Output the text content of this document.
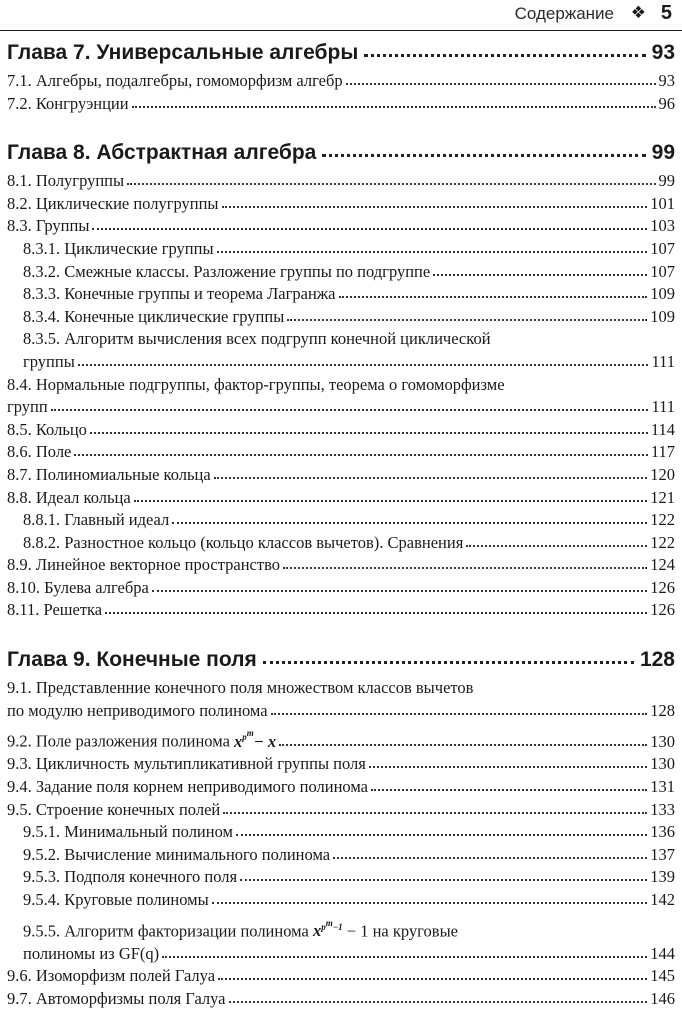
Содержание ❖ 5
Глава 7. Универсальные алгебры	93
7.1. Алгебры, подалгебры, гомоморфизм алгебр	93
7.2. Конгруэнции	96
Глава 8. Абстрактная алгебра	99
8.1. Полугруппы	99
8.2. Циклические полугруппы	101
8.3. Группы	103
8.3.1. Циклические группы	107
8.3.2. Смежные классы. Разложение группы по подгруппе	107
8.3.3. Конечные группы и теорема Лагранжа	109
8.3.4. Конечные циклические группы	109
8.3.5. Алгоритм вычисления всех подгрупп конечной циклической
группы	111
8.4. Нормальные подгруппы, фактор-группы, теорема о гомоморфизме
групп	111
8.5. Кольцо	114
8.6. Поле	117
8.7. Полиномиальные кольца	120
8.8. Идеал кольца	121
8.8.1. Главный идеал	122
8.8.2. Разностное кольцо (кольцо классов вычетов). Сравнения	122
8.9. Линейное векторное пространство	124
8.10. Булева алгебра	126
8.11. Решетка	126
Глава 9. Конечные поля	128
9.1. Представленние конечного поля множеством классов вычетов
по модулю неприводимого полинома	128
9.2. Поле разложения полинома $x^{p^m}- x$	130
9.3. Цикличность мультипликативной группы поля	130
9.4. Задание поля корнем неприводимого полинома	131
9.5. Строение конечных полей	133
9.5.1. Минимальный полином	136
9.5.2. Вычисление минимального полинома	137
9.5.3. Подполя конечного поля	139
9.5.4. Круговые полиномы	142
9.5.5. Алгоритм факторизации полинома $x^{p^m-1} - 1$ на круговые
полиномы из GF(q)	144
9.6. Изоморфизм полей Галуа	145
9.7. Автоморфизмы поля Галуа	146
